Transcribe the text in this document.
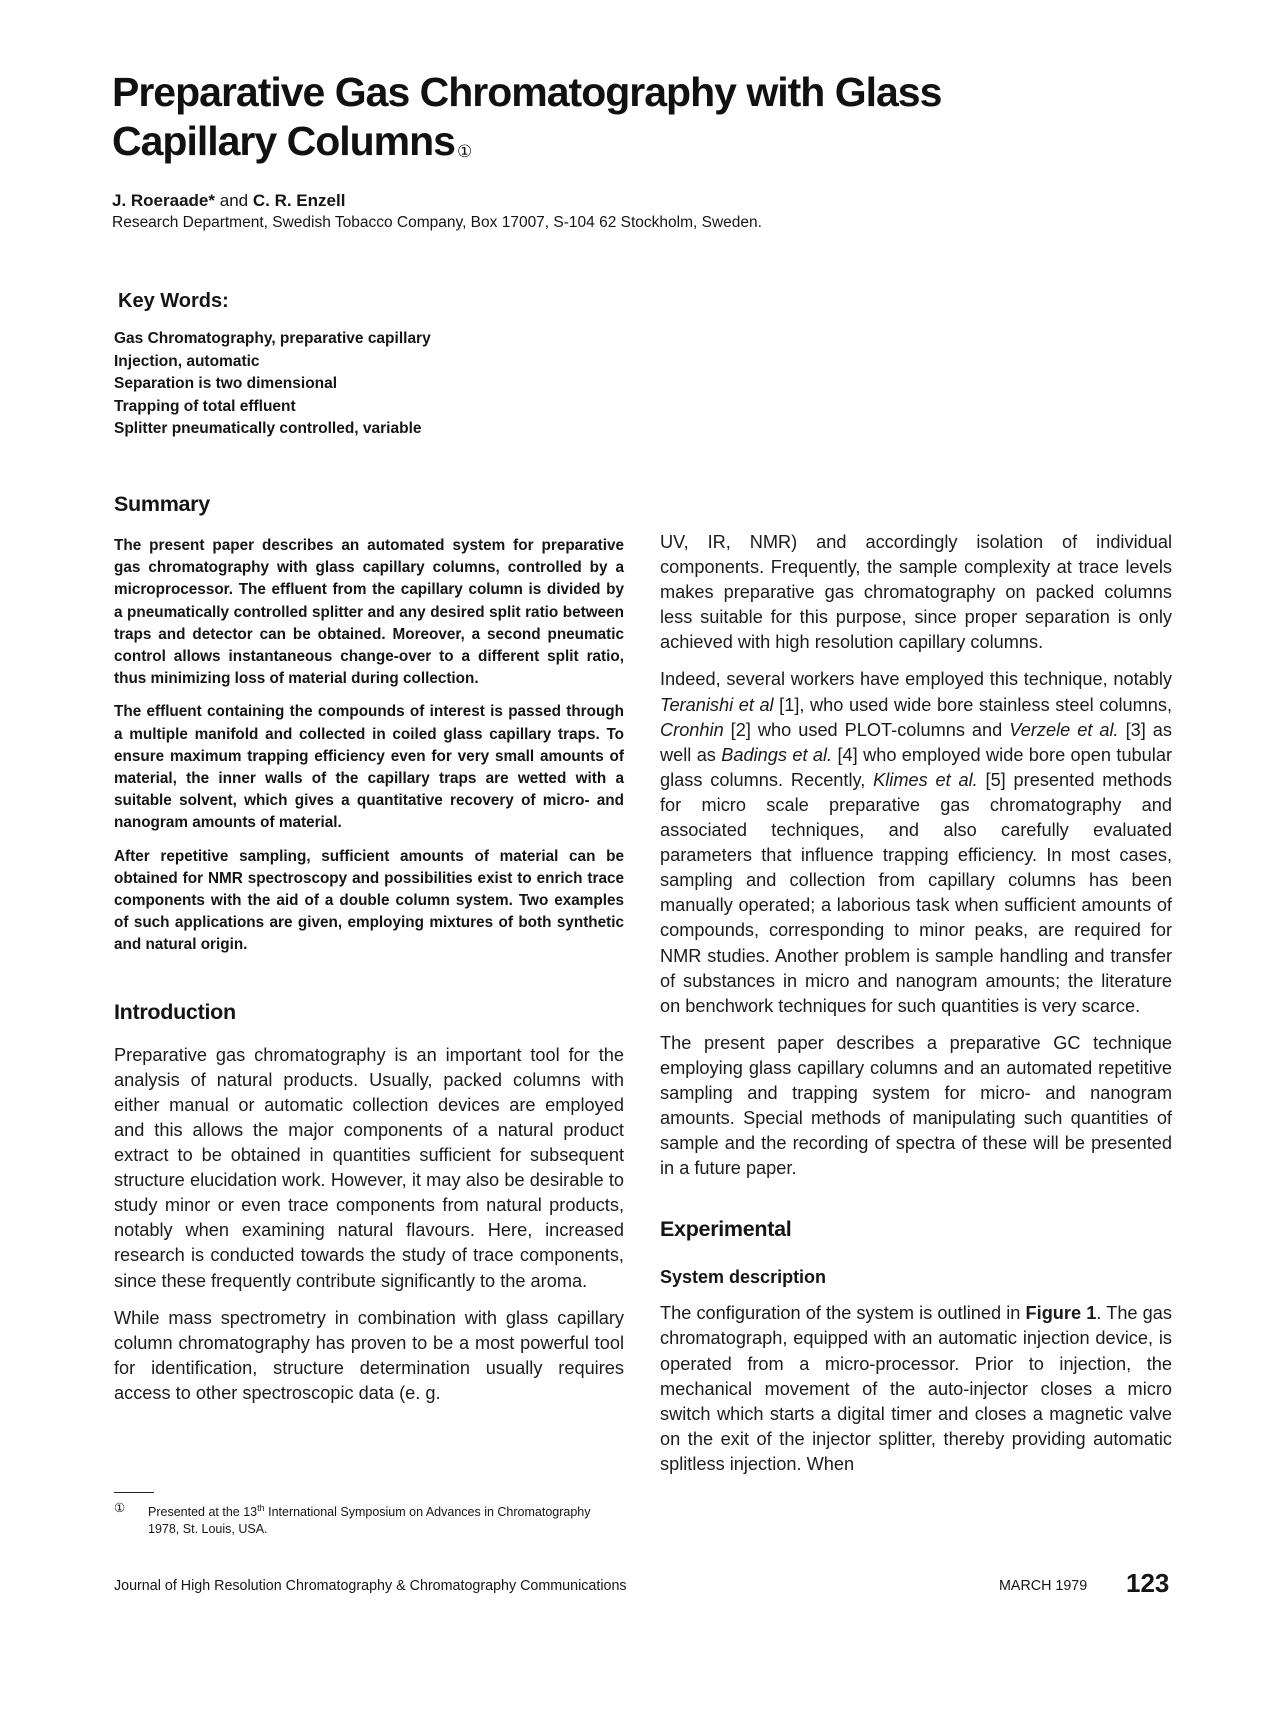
Preparative Gas Chromatography with Glass Capillary Columns ①
J. Roeraade* and C. R. Enzell
Research Department, Swedish Tobacco Company, Box 17007, S-104 62 Stockholm, Sweden.
Key Words:
Gas Chromatography, preparative capillary
Injection, automatic
Separation is two dimensional
Trapping of total effluent
Splitter pneumatically controlled, variable
Summary

The present paper describes an automated system for preparative gas chromatography with glass capillary columns, controlled by a microprocessor. The effluent from the capillary column is divided by a pneumatically controlled splitter and any desired split ratio between traps and detector can be obtained. Moreover, a second pneumatic control allows instantaneous change-over to a different split ratio, thus minimizing loss of material during collection.

The effluent containing the compounds of interest is passed through a multiple manifold and collected in coiled glass capillary traps. To ensure maximum trapping efficiency even for very small amounts of material, the inner walls of the capillary traps are wetted with a suitable solvent, which gives a quantitative recovery of micro- and nanogram amounts of material.

After repetitive sampling, sufficient amounts of material can be obtained for NMR spectroscopy and possibilities exist to enrich trace components with the aid of a double column system. Two examples of such applications are given, employing mixtures of both synthetic and natural origin.

Introduction

Preparative gas chromatography is an important tool for the analysis of natural products. Usually, packed columns with either manual or automatic collection devices are employed and this allows the major components of a natural product extract to be obtained in quantities sufficient for subsequent structure elucidation work. However, it may also be desirable to study minor or even trace components from natural products, notably when examining natural flavours. Here, increased research is conducted towards the study of trace components, since these frequently contribute significantly to the aroma.

While mass spectrometry in combination with glass capillary column chromatography has proven to be a most powerful tool for identification, structure determination usually requires access to other spectroscopic data (e. g.

UV, IR, NMR) and accordingly isolation of individual components. Frequently, the sample complexity at trace levels makes preparative gas chromatography on packed columns less suitable for this purpose, since proper separation is only achieved with high resolution capillary columns.

Indeed, several workers have employed this technique, notably Teranishi et al [1], who used wide bore stainless steel columns, Cronhin [2] who used PLOT-columns and Verzele et al. [3] as well as Badings et al. [4] who employed wide bore open tubular glass columns. Recently, Klimes et al. [5] presented methods for micro scale preparative gas chromatography and associated techniques, and also carefully evaluated parameters that influence trapping efficiency. In most cases, sampling and collection from capillary columns has been manually operated; a laborious task when sufficient amounts of compounds, corresponding to minor peaks, are required for NMR studies. Another problem is sample handling and transfer of substances in micro and nanogram amounts; the literature on benchwork techniques for such quantities is very scarce.

The present paper describes a preparative GC technique employing glass capillary columns and an automated repetitive sampling and trapping system for micro- and nanogram amounts. Special methods of manipulating such quantities of sample and the recording of spectra of these will be presented in a future paper.

Experimental
System description

The configuration of the system is outlined in Figure 1. The gas chromatograph, equipped with an automatic injection device, is operated from a micro-processor. Prior to injection, the mechanical movement of the auto-injector closes a micro switch which starts a digital timer and closes a magnetic valve on the exit of the injector splitter, thereby providing automatic splitless injection. When

① Presented at the 13th International Symposium on Advances in Chromatography 1978, St. Louis, USA.
Journal of High Resolution Chromatography & Chromatography Communications	MARCH 1979 123
